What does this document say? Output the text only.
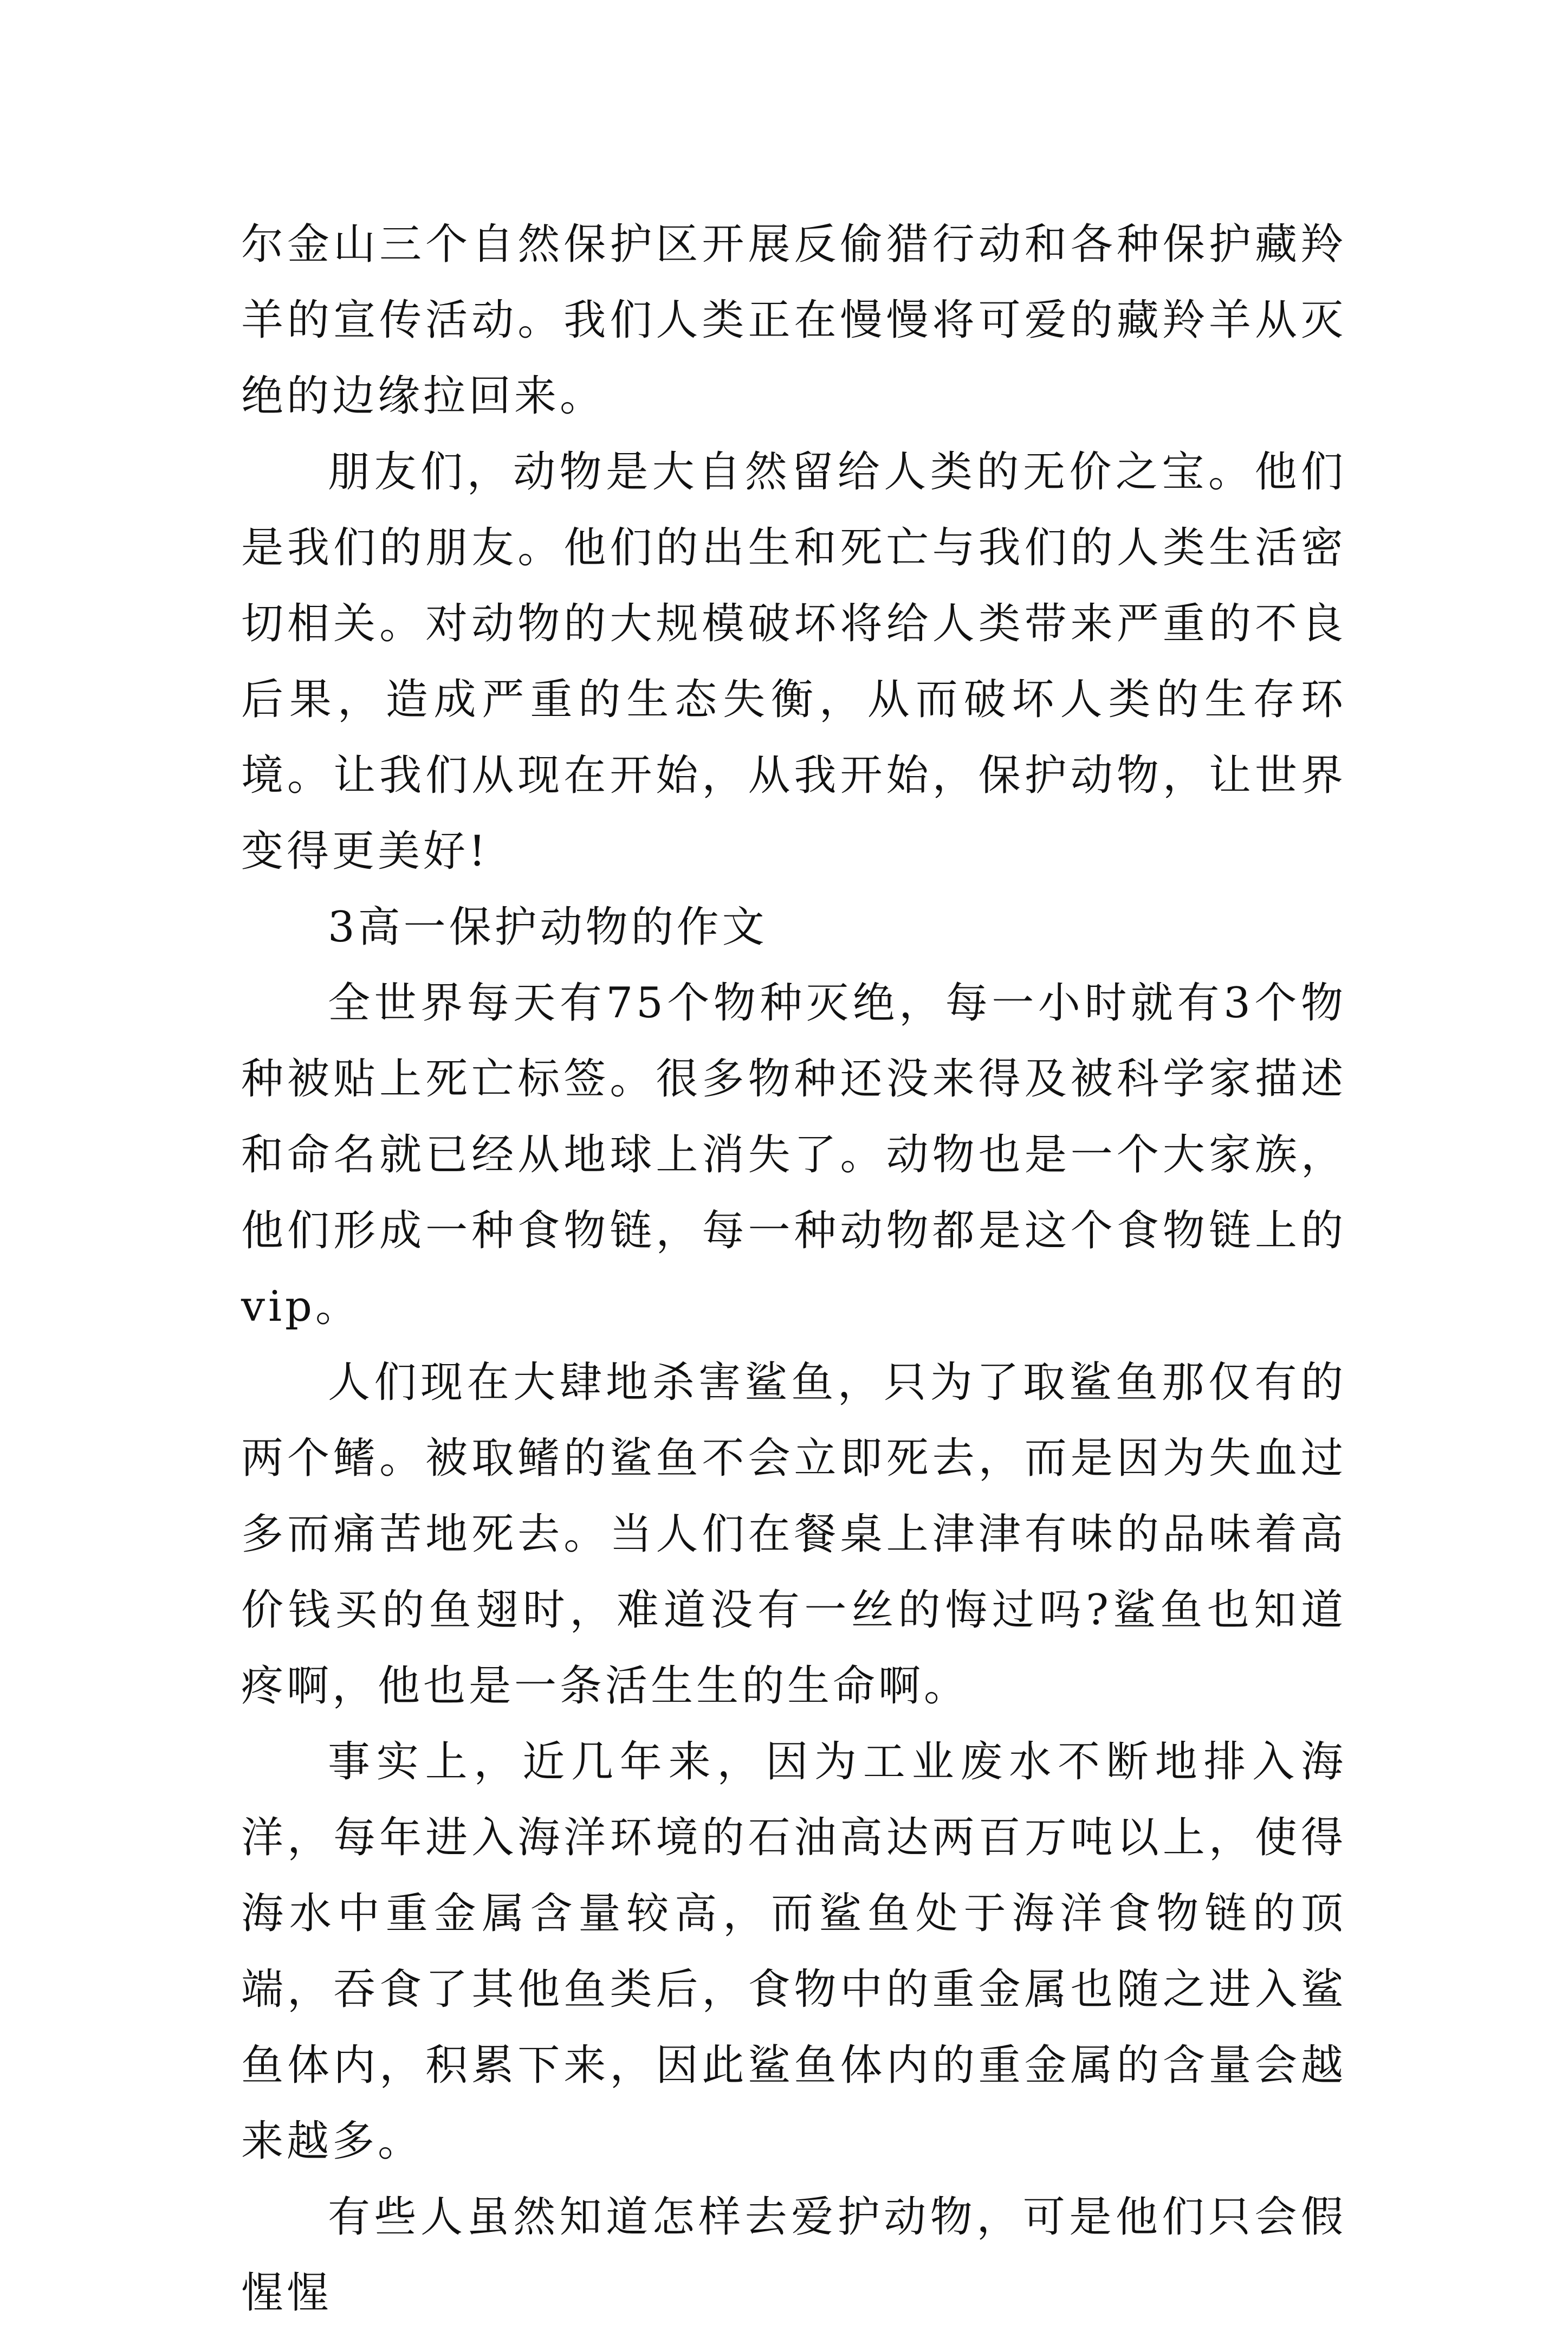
尔金山三个自然保护区开展反偷猎行动和各种保护藏羚羊的宣传活动。我们人类正在慢慢将可爱的藏羚羊从灭绝的边缘拉回来。

朋友们，动物是大自然留给人类的无价之宝。他们是我们的朋友。他们的出生和死亡与我们的人类生活密切相关。对动物的大规模破坏将给人类带来严重的不良后果，造成严重的生态失衡，从而破坏人类的生存环境。让我们从现在开始，从我开始，保护动物，让世界变得更美好!

3高一保护动物的作文

全世界每天有75个物种灭绝，每一小时就有3个物种被贴上死亡标签。很多物种还没来得及被科学家描述和命名就已经从地球上消失了。动物也是一个大家族，他们形成一种食物链，每一种动物都是这个食物链上的vip。

人们现在大肆地杀害鲨鱼，只为了取鲨鱼那仅有的两个鳍。被取鳍的鲨鱼不会立即死去，而是因为失血过多而痛苦地死去。当人们在餐桌上津津有味的品味着高价钱买的鱼翅时，难道没有一丝的悔过吗?鲨鱼也知道疼啊，他也是一条活生生的生命啊。

事实上，近几年来，因为工业废水不断地排入海洋，每年进入海洋环境的石油高达两百万吨以上，使得海水中重金属含量较高，而鲨鱼处于海洋食物链的顶端，吞食了其他鱼类后，食物中的重金属也随之进入鲨鱼体内，积累下来，因此鲨鱼体内的重金属的含量会越来越多。

有些人虽然知道怎样去爱护动物，可是他们只会假惺惺
